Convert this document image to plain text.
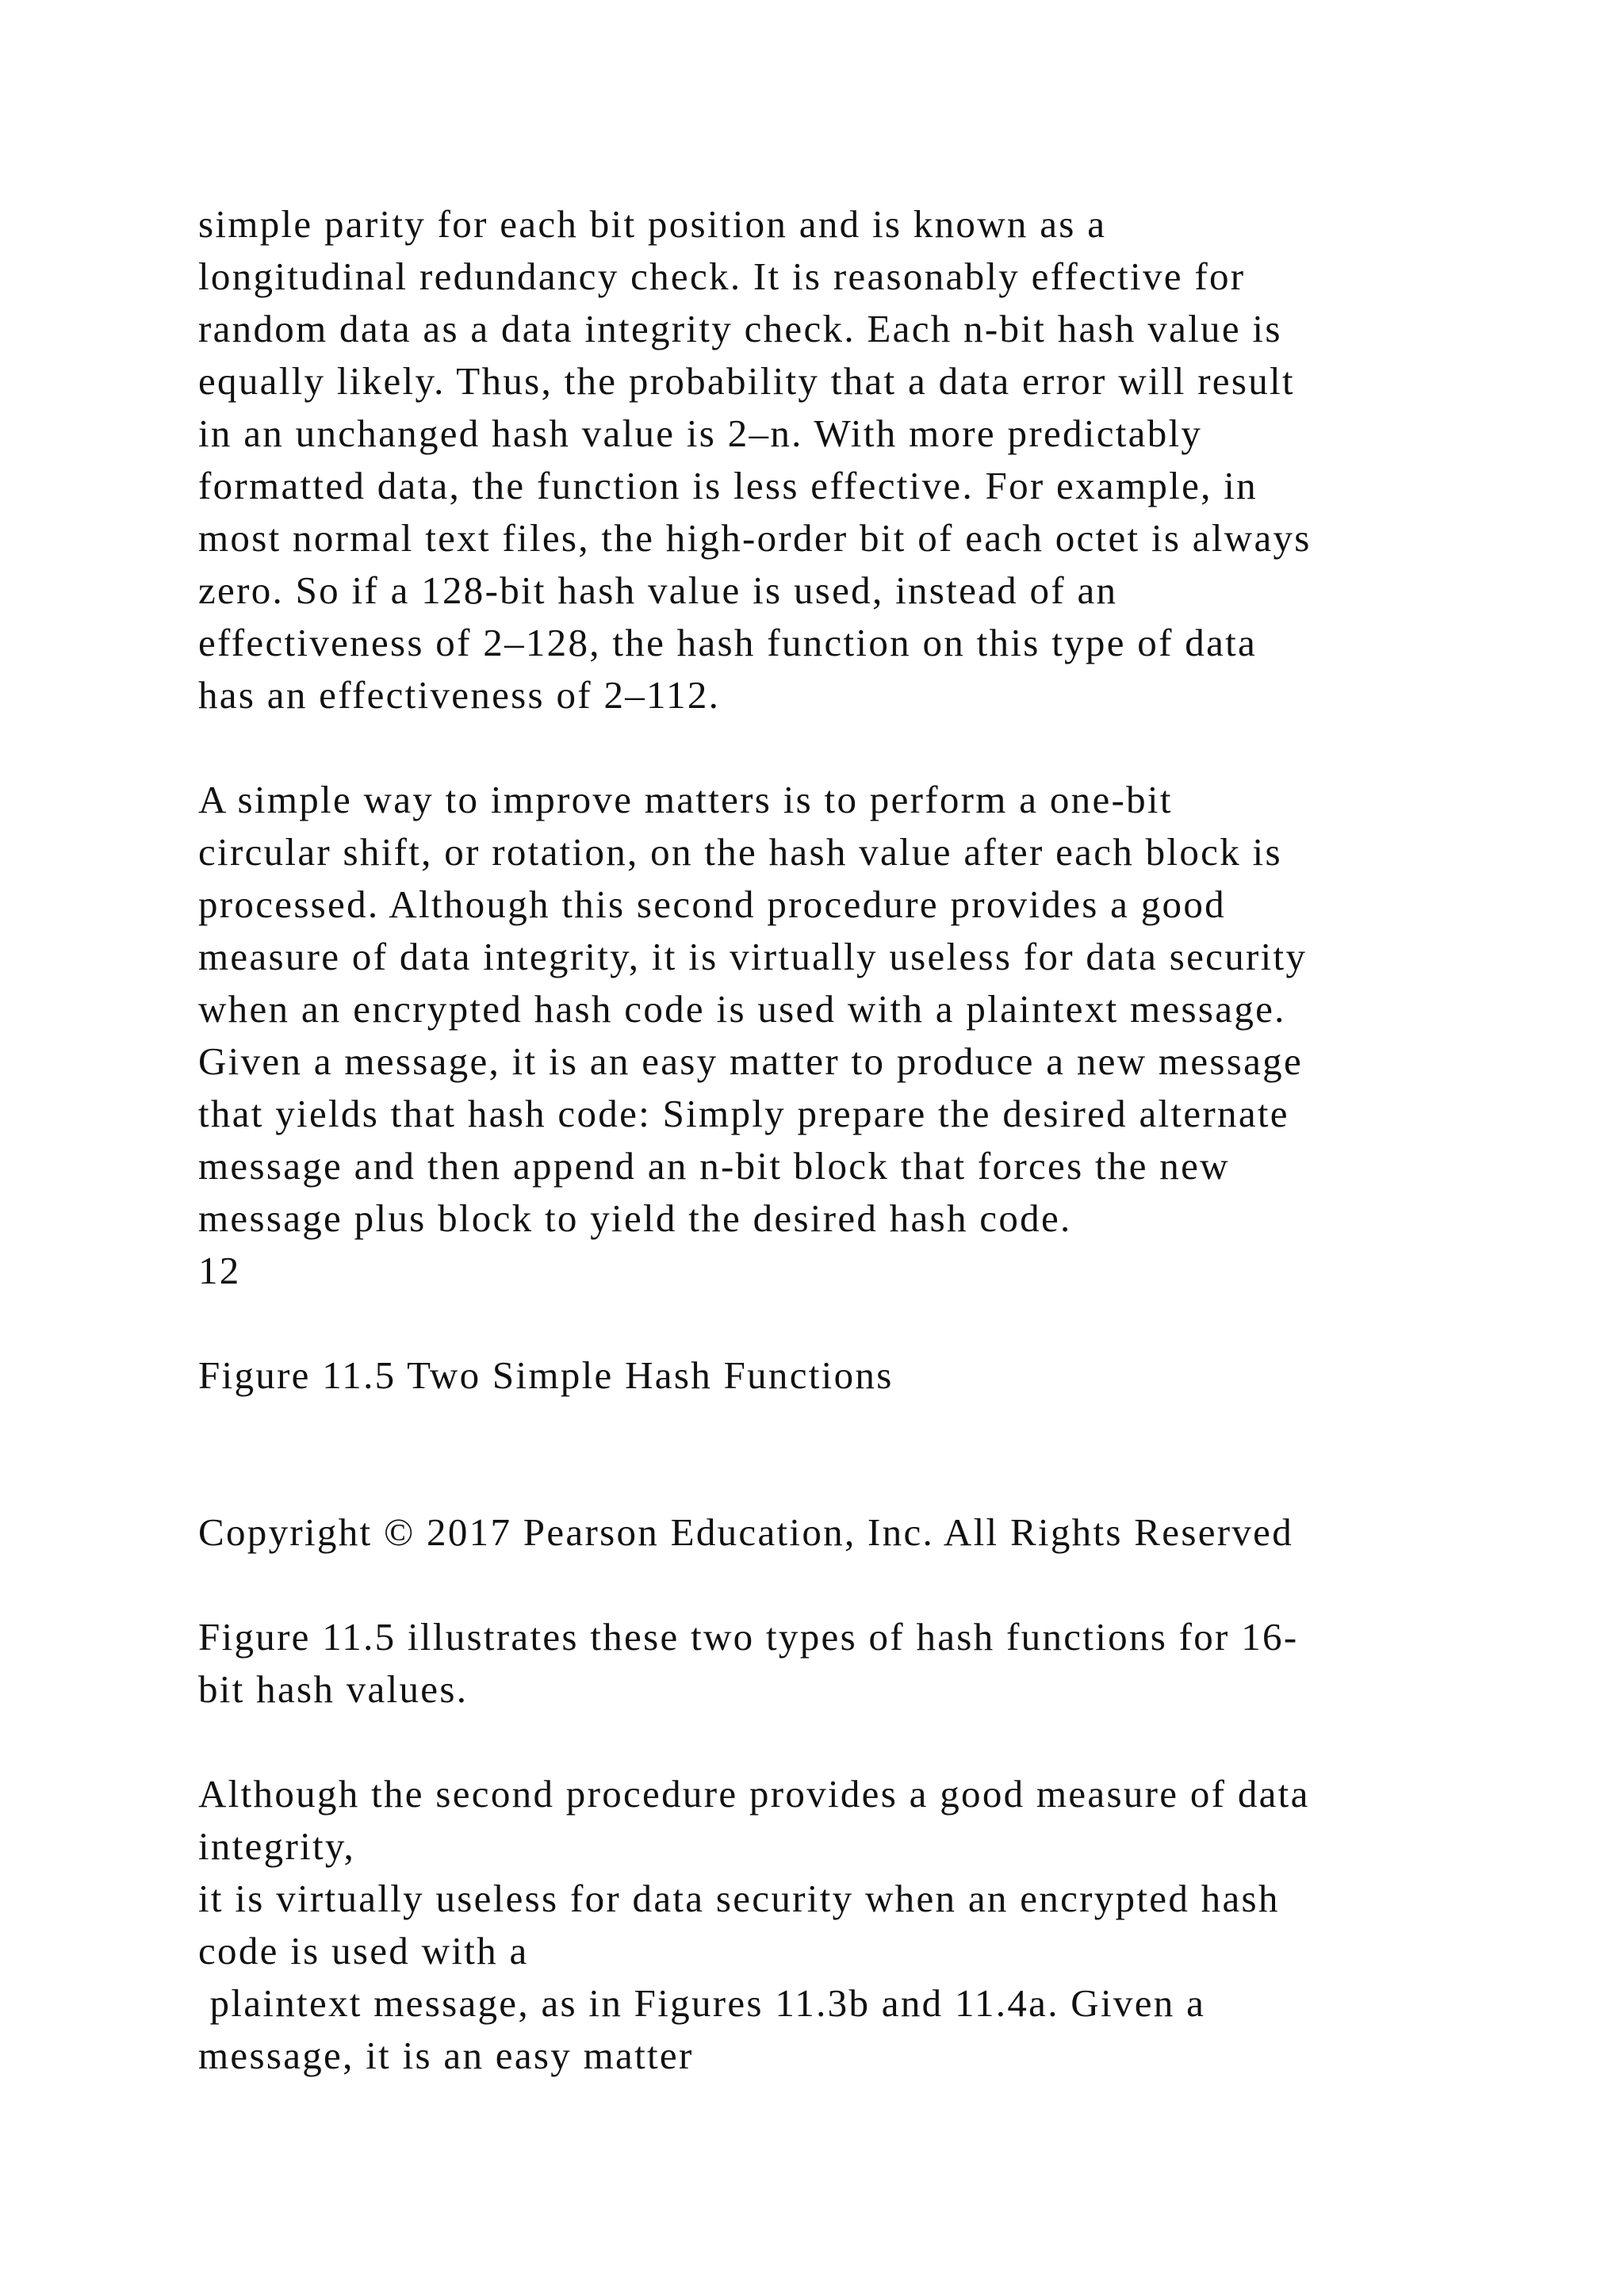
simple parity for each bit position and is known as a

longitudinal redundancy check. It is reasonably effective for

random data as a data integrity check. Each n-bit hash value is

equally likely. Thus, the probability that a data error will result

in an unchanged hash value is 2–n. With more predictably

formatted data, the function is less effective. For example, in

most normal text files, the high-order bit of each octet is always

zero. So if a 128-bit hash value is used, instead of an

effectiveness of 2–128, the hash function on this type of data

has an effectiveness of 2–112.

A simple way to improve matters is to perform a one-bit

circular shift, or rotation, on the hash value after each block is

processed. Although this second procedure provides a good

measure of data integrity, it is virtually useless for data security

when an encrypted hash code is used with a plaintext message.

Given a message, it is an easy matter to produce a new message

that yields that hash code: Simply prepare the desired alternate

message and then append an n-bit block that forces the new

message plus block to yield the desired hash code.

12

Figure 11.5 Two Simple Hash Functions

Copyright © 2017 Pearson Education, Inc. All Rights Reserved

Figure 11.5 illustrates these two types of hash functions for 16-

bit hash values.

Although the second procedure provides a good measure of data

integrity,

it is virtually useless for data security when an encrypted hash

code is used with a

plaintext message, as in Figures 11.3b and 11.4a. Given a

message, it is an easy matter
